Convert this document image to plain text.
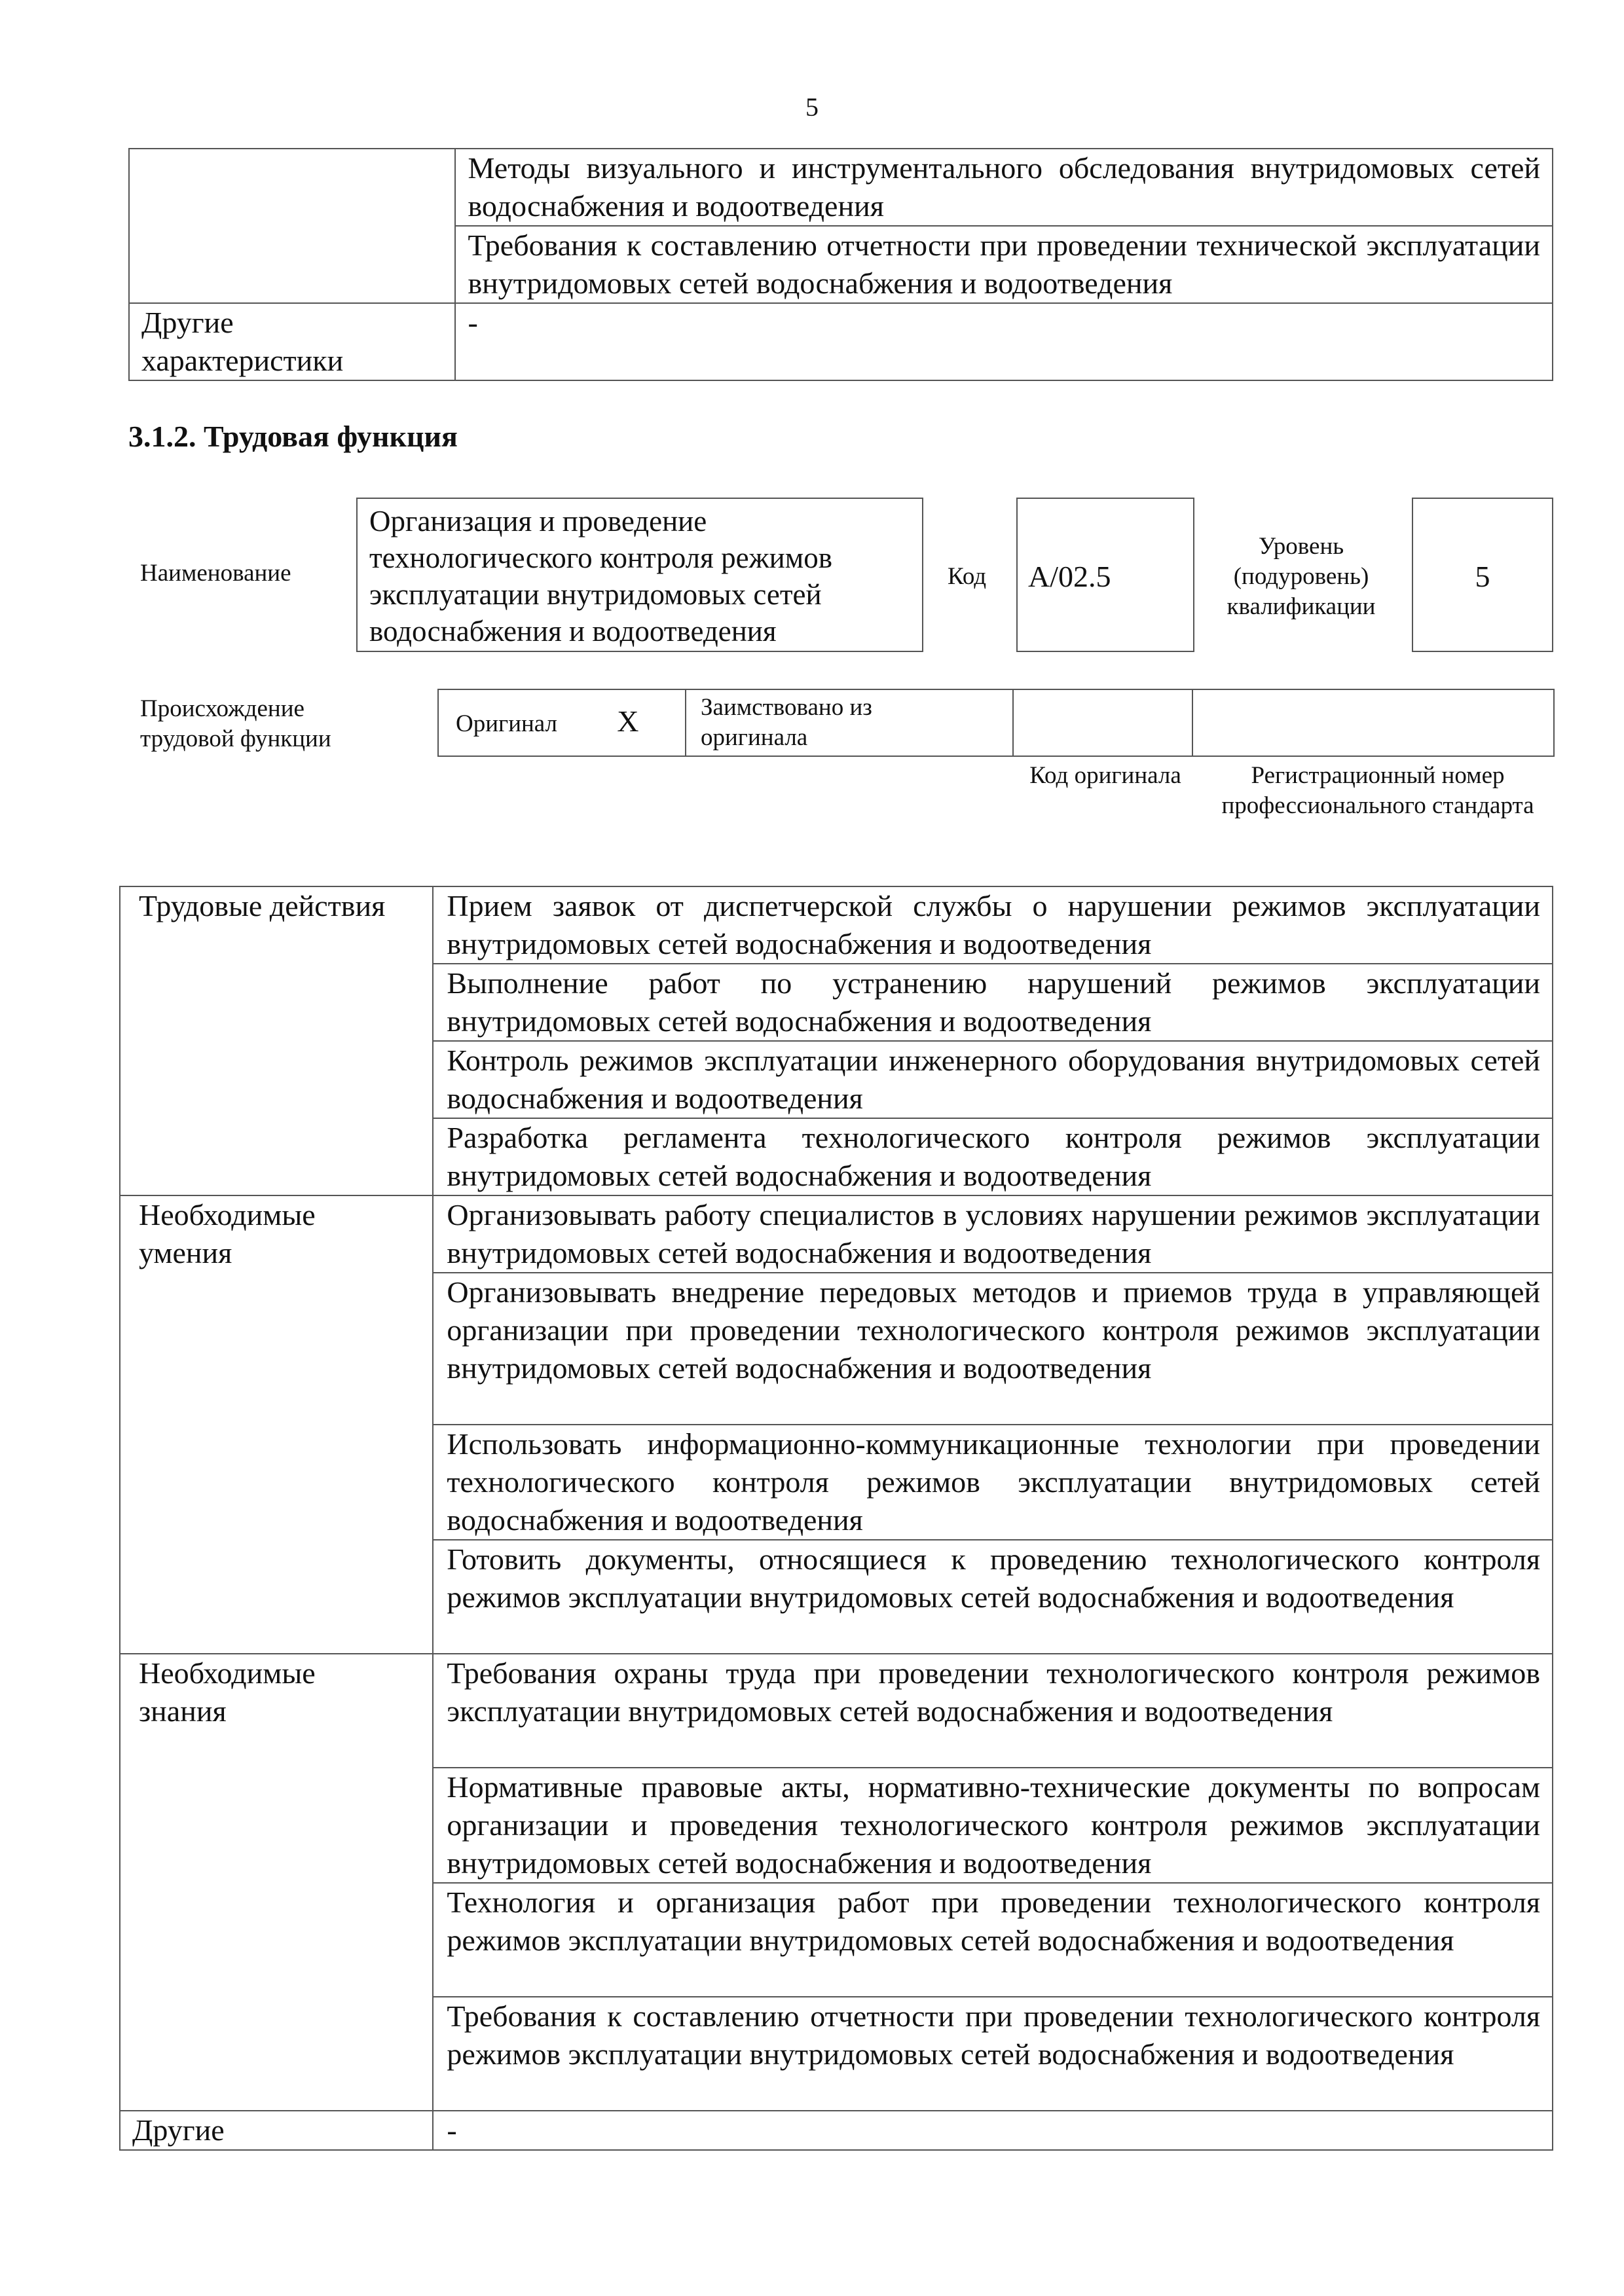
5

	Методы визуального и инструментального обследования внутридомовых сетей водоснабжения и водоотведения

	Требования к составлению отчетности при проведении технической эксплуатации внутридомовых сетей водоснабжения и водоотведения

Другие характеристики	-
3.1.2. Трудовая функция
Наименование
Организация и проведение технологического контроля режимов эксплуатации внутридомовых сетей водоснабжения и водоотведения
Код A/02.5
Уровень (подуровень) квалификации
5
Происхождение трудовой функции
Оригинал X	Заимствовано из оригинала

Код оригинала	Регистрационный номер профессионального стандарта
Трудовые действия	Прием заявок от диспетчерской службы о нарушении режимов эксплуатации внутридомовых сетей водоснабжения и водоотведения
	Выполнение работ по устранению нарушений режимов эксплуатации внутридомовых сетей водоснабжения и водоотведения
	Контроль режимов эксплуатации инженерного оборудования внутридомовых сетей водоснабжения и водоотведения
	Разработка регламента технологического контроля режимов эксплуатации внутридомовых сетей водоснабжения и водоотведения

Необходимые умения	Организовывать работу специалистов в условиях нарушении режимов эксплуатации внутридомовых сетей водоснабжения и водоотведения
	Организовывать внедрение передовых методов и приемов труда в управляющей организации при проведении технологического контроля режимов эксплуатации внутридомовых сетей водоснабжения и водоотведения
	Использовать информационно-коммуникационные технологии при проведении технологического контроля режимов эксплуатации внутридомовых сетей водоснабжения и водоотведения
	Готовить документы, относящиеся к проведению технологического контроля режимов эксплуатации внутридомовых сетей водоснабжения и водоотведения

Необходимые знания	Требования охраны труда при проведении технологического контроля режимов эксплуатации внутридомовых сетей водоснабжения и водоотведения
	Нормативные правовые акты, нормативно-технические документы по вопросам организации и проведения технологического контроля режимов эксплуатации внутридомовых сетей водоснабжения и водоотведения
	Технология и организация работ при проведении технологического контроля режимов эксплуатации внутридомовых сетей водоснабжения и водоотведения
	Требования к составлению отчетности при проведении технологического контроля режимов эксплуатации внутридомовых сетей водоснабжения и водоотведения

Другие	-
